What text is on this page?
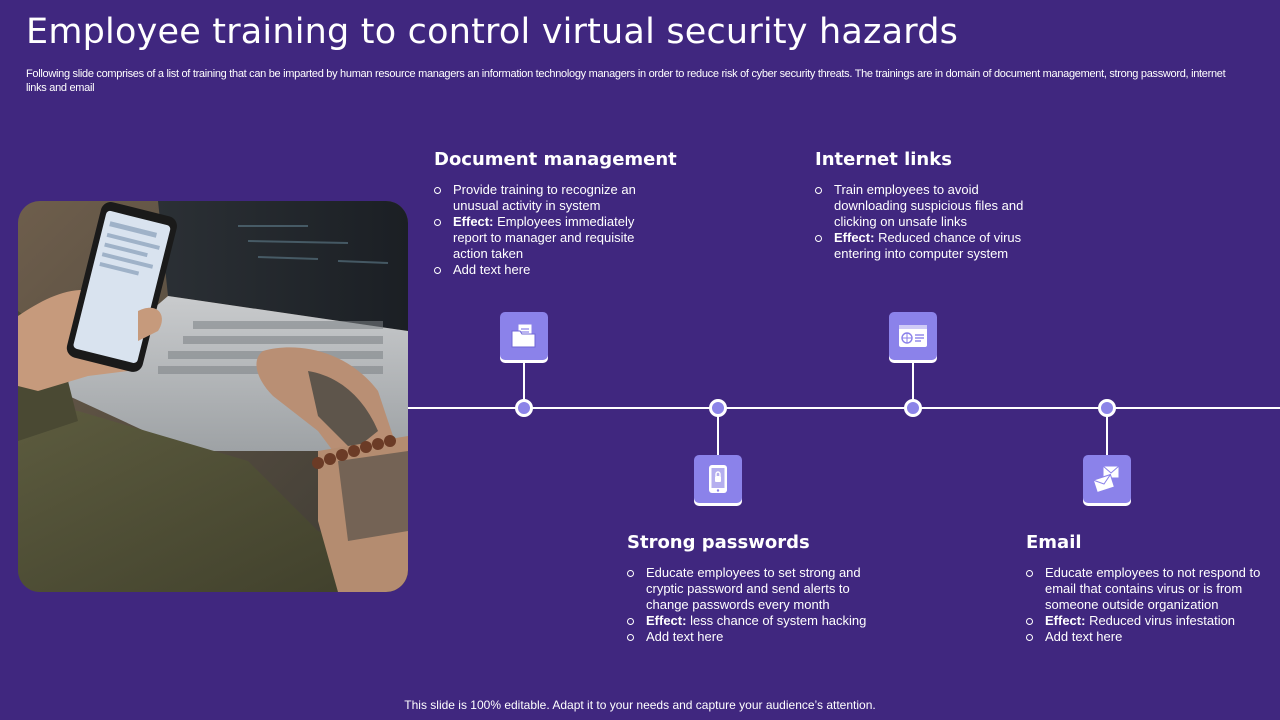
Employee training to control virtual security hazards

Following slide comprises of a list of training that can be imparted by human resource managers an information technology managers in order to reduce risk of cyber security threats. The trainings are in domain of document management, strong password, internet links and email

Document management
Provide training to recognize an unusual activity in system
Effect: Employees immediately report to manager and requisite action taken
Add text here
Strong passwords
Educate employees to set strong and cryptic password and send alerts to change passwords every month
Effect: less chance of system hacking
Add text here
Internet links
Train employees to avoid downloading suspicious files and clicking on unsafe links
Effect: Reduced chance of virus entering into computer system
Email
Educate employees to not respond to email that contains virus or is from someone outside organization
Effect: Reduced virus infestation
Add text here

This slide is 100% editable. Adapt it to your needs and capture your audience’s attention.
